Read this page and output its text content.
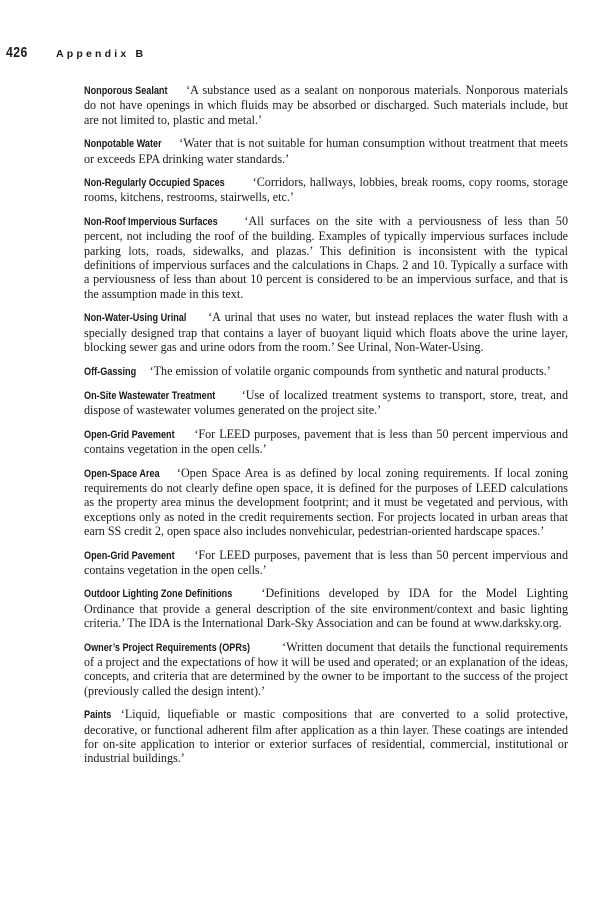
426	Appendix B

Nonporous Sealant ‘A substance used as a sealant on nonporous materials. Nonporous materials do not have openings in which fluids may be absorbed or discharged. Such materials include, but are not limited to, plastic and metal.’

Nonpotable Water ‘Water that is not suitable for human consumption without treatment that meets or exceeds EPA drinking water standards.’

Non-Regularly Occupied Spaces ‘Corridors, hallways, lobbies, break rooms, copy rooms, storage rooms, kitchens, restrooms, stairwells, etc.’

Non-Roof Impervious Surfaces ‘All surfaces on the site with a perviousness of less than 50 percent, not including the roof of the building. Examples of typically impervious surfaces include parking lots, roads, sidewalks, and plazas.’ This definition is inconsistent with the typical definitions of impervious surfaces and the calculations in Chaps. 2 and 10. Typically a surface with a perviousness of less than about 10 percent is considered to be an impervious surface, and that is the assumption made in this text.

Non-Water-Using Urinal ‘A urinal that uses no water, but instead replaces the water flush with a specially designed trap that contains a layer of buoyant liquid which floats above the urine layer, blocking sewer gas and urine odors from the room.’ See Urinal, Non-Water-Using.

Off-Gassing ‘The emission of volatile organic compounds from synthetic and natural products.’

On-Site Wastewater Treatment ‘Use of localized treatment systems to transport, store, treat, and dispose of wastewater volumes generated on the project site.’

Open-Grid Pavement ‘For LEED purposes, pavement that is less than 50 percent impervious and contains vegetation in the open cells.’

Open-Space Area ‘Open Space Area is as defined by local zoning requirements. If local zoning requirements do not clearly define open space, it is defined for the purposes of LEED calculations as the property area minus the development footprint; and it must be vegetated and pervious, with exceptions only as noted in the credit requirements section. For projects located in urban areas that earn SS credit 2, open space also includes nonvehicular, pedestrian-oriented hardscape spaces.’

Open-Grid Pavement ‘For LEED purposes, pavement that is less than 50 percent impervious and contains vegetation in the open cells.’

Outdoor Lighting Zone Definitions ‘Definitions developed by IDA for the Model Lighting Ordinance that provide a general description of the site environment/context and basic lighting criteria.’ The IDA is the International Dark-Sky Association and can be found at www.darksky.org.

Owner’s Project Requirements (OPRs)	‘Written document that details the functional requirements of a project and the expectations of how it will be used and operated; or an explanation of the ideas, concepts, and criteria that are determined by the owner to be important to the success of the project (previously called the design intent).’

Paints ‘Liquid, liquefiable or mastic compositions that are converted to a solid protective, decorative, or functional adherent film after application as a thin layer. These coatings are intended for on-site application to interior or exterior surfaces of residential, commercial, institutional or industrial buildings.’
